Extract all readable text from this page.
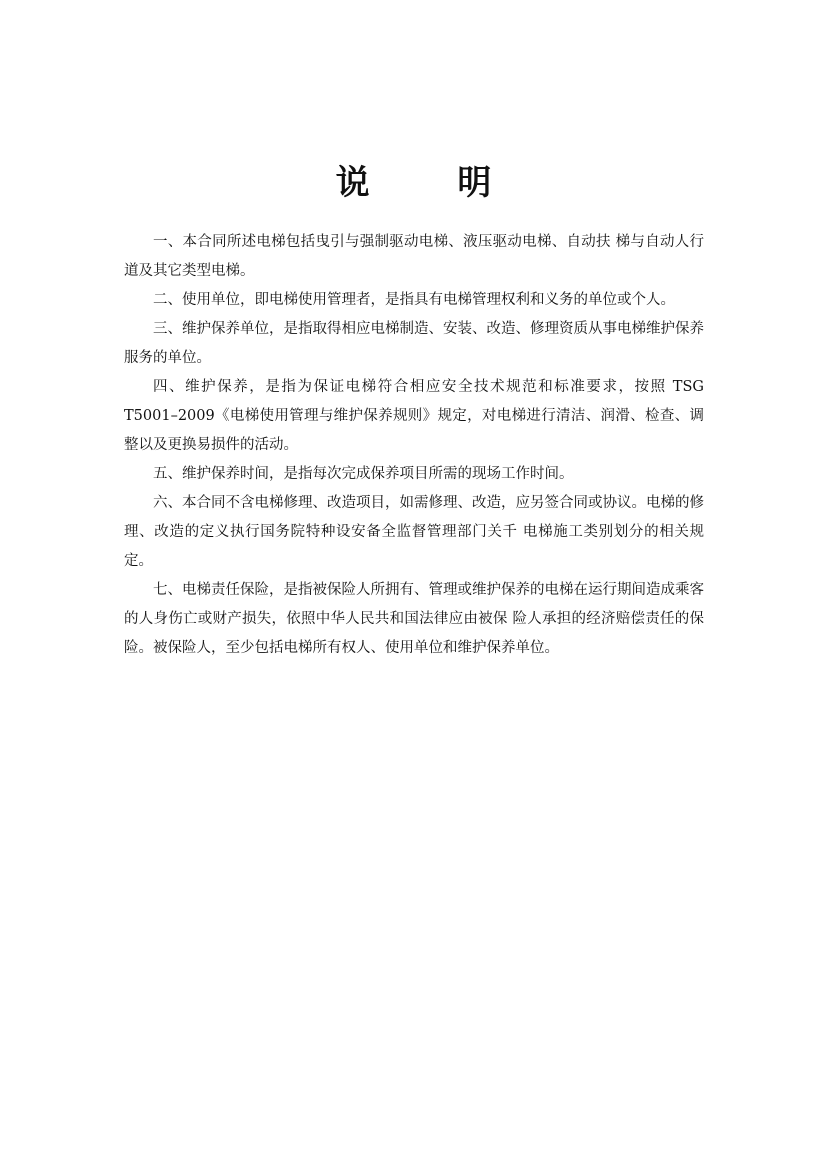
说 明

一、本合同所述电梯包括曳引与强制驱动电梯、液压驱动电梯、自动扶 梯与自动人行道及其它类型电梯。

二、使用单位，即电梯使用管理者，是指具有电梯管理权利和义务的单位或个人。

三、维护保养单位，是指取得相应电梯制造、安装、改造、修理资质从事电梯维护保养服务的单位。

四、维护保养，是指为保证电梯符合相应安全技术规范和标准要求，按照 TSG T5001–2009《电梯使用管理与维护保养规则》规定，对电梯进行清洁、润滑、检查、调整以及更换易损件的活动。

五、维护保养时间，是指每次完成保养项目所需的现场工作时间。

六、本合同不含电梯修理、改造项目，如需修理、改造，应另签合同或协议。电梯的修理、改造的定义执行国务院特种设安备全监督管理部门关千 电梯施工类别划分的相关规定。

七、电梯责任保险，是指被保险人所拥有、管理或维护保养的电梯在运行期间造成乘客的人身伤亡或财产损失，依照中华人民共和国法律应由被保 险人承担的经济赔偿责任的保险。被保险人，至少包括电梯所有权人、使用单位和维护保养单位。
